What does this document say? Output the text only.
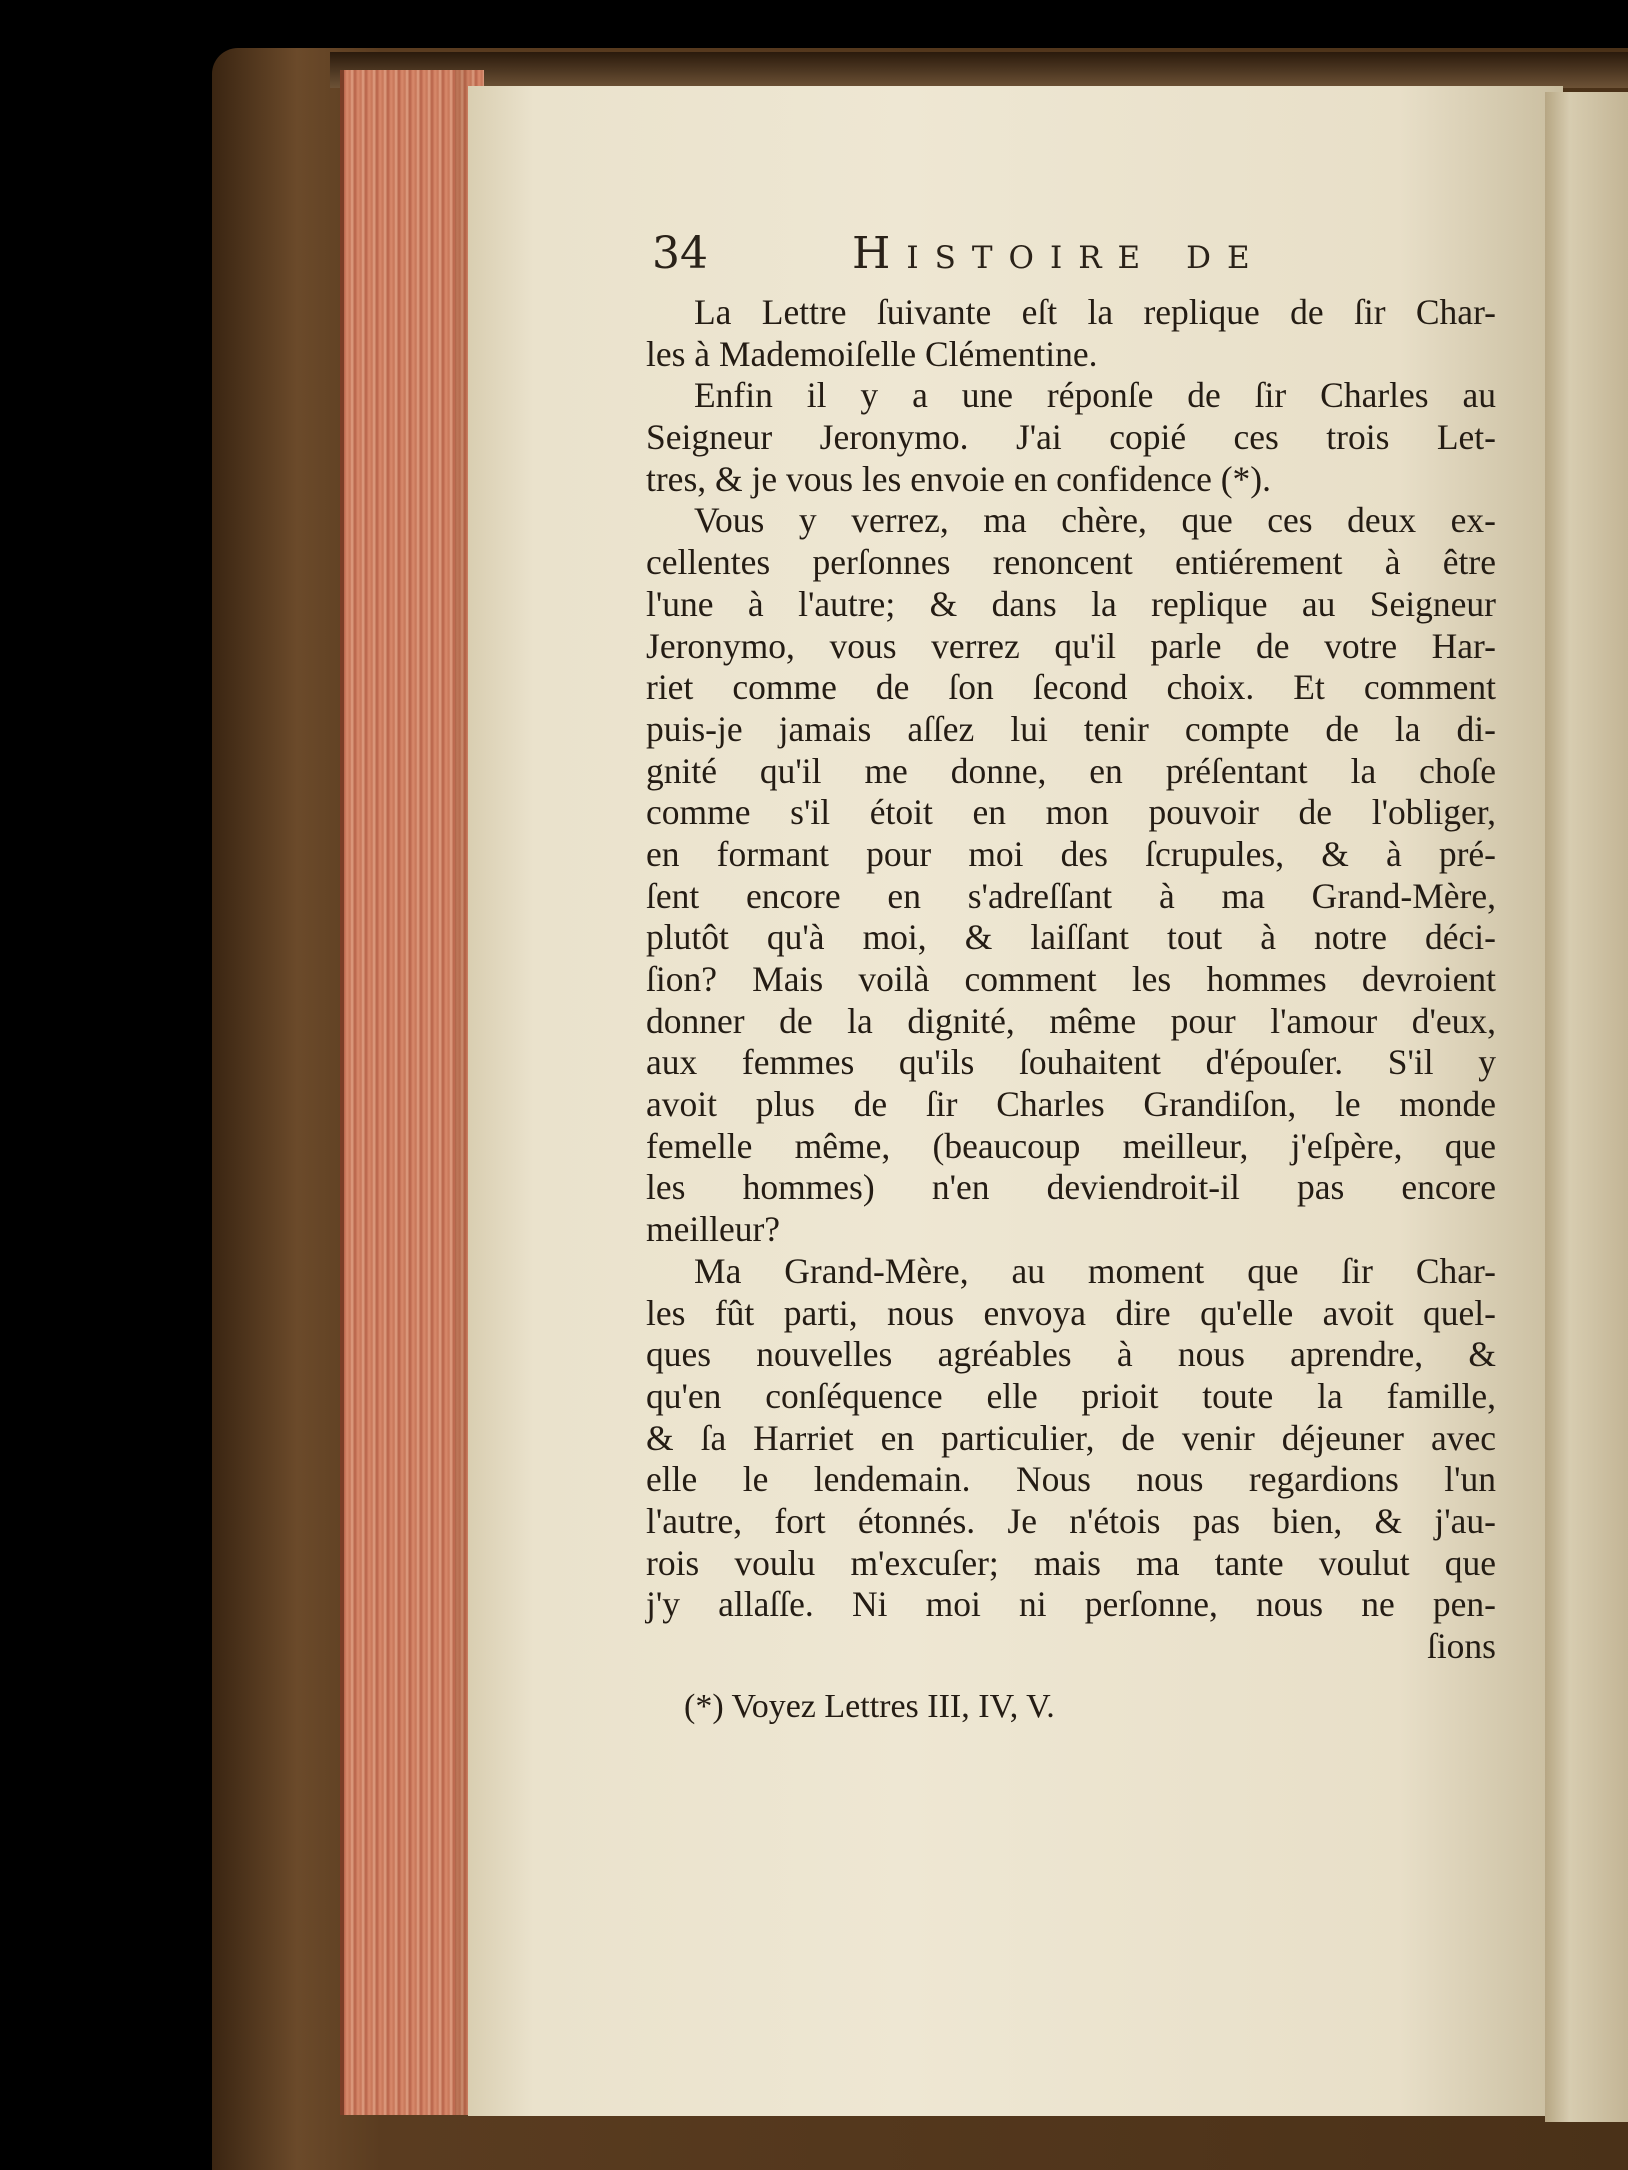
34	Histoire de
La Lettre ſuivante eſt la replique de ſir Char-
les à Mademoiſelle Clémentine.
Enfin il y a une réponſe de ſir Charles au
Seigneur Jeronymo. J'ai copié ces trois Let-
tres, & je vous les envoie en confidence (*).
Vous y verrez, ma chère, que ces deux ex-
cellentes perſonnes renoncent entiérement à être
l'une à l'autre; & dans la replique au Seigneur
Jeronymo, vous verrez qu'il parle de votre Har-
riet comme de ſon ſecond choix. Et comment
puis-je jamais aſſez lui tenir compte de la di-
gnité qu'il me donne, en préſentant la choſe
comme s'il étoit en mon pouvoir de l'obliger,
en formant pour moi des ſcrupules, & à pré-
ſent encore en s'adreſſant à ma Grand-Mère,
plutôt qu'à moi, & laiſſant tout à notre déci-
ſion? Mais voilà comment les hommes devroient
donner de la dignité, même pour l'amour d'eux,
aux femmes qu'ils ſouhaitent d'épouſer. S'il y
avoit plus de ſir Charles Grandiſon, le monde
femelle même, (beaucoup meilleur, j'eſpère, que
les hommes) n'en deviendroit-il pas encore
meilleur?
Ma Grand-Mère, au moment que ſir Char-
les fût parti, nous envoya dire qu'elle avoit quel-
ques nouvelles agréables à nous aprendre, &
qu'en conſéquence elle prioit toute la famille,
& ſa Harriet en particulier, de venir déjeuner avec
elle le lendemain. Nous nous regardions l'un
l'autre, fort étonnés. Je n'étois pas bien, & j'au-
rois voulu m'excuſer; mais ma tante voulut que
j'y allaſſe. Ni moi ni perſonne, nous ne pen-
ſions
(*) Voyez Lettres III, IV, V.
